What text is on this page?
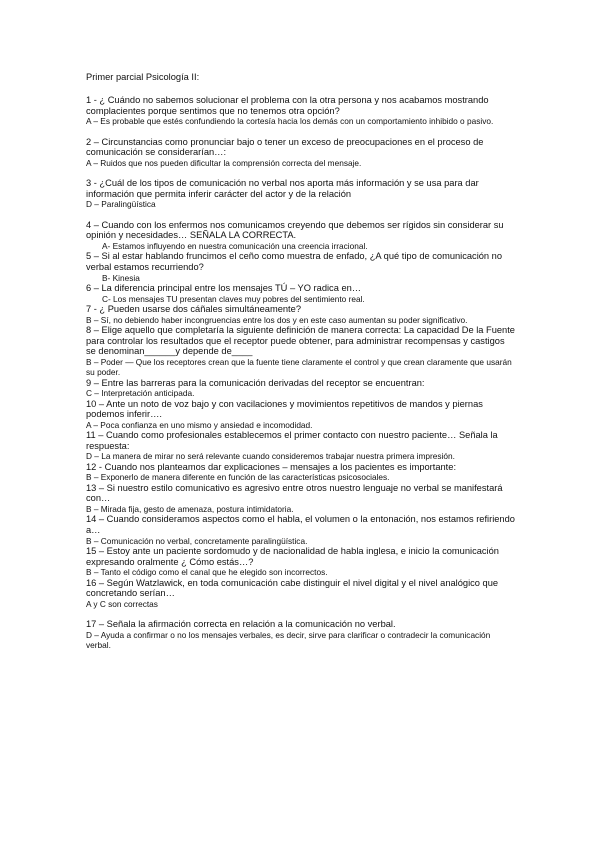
Primer parcial Psicología II:

1 - ¿ Cuándo no sabemos solucionar el problema con la otra persona y nos acabamos mostrando complacientes porque sentimos que no tenemos otra opción?

A – Es probable que estés confundiendo la cortesía hacia los demás con un comportamiento inhibido o pasivo.

2 – Circunstancias como pronunciar bajo o tener un exceso de preocupaciones en el proceso de comunicación se considerarían…:

A – Ruidos que nos pueden dificultar la comprensión correcta del mensaje.

3 - ¿Cuál de los tipos de comunicación no verbal nos aporta más información y se usa para dar información que permita inferir carácter del actor y de la relación

D – Paralingüística

4 – Cuando con los enfermos nos comunicamos creyendo que debemos ser rígidos sin considerar su opinión y necesidades… SEÑALA LA CORRECTA.

A- Estamos influyendo en nuestra comunicación una creencia irracional.

5 – Si al estar hablando fruncimos el ceño como muestra de enfado, ¿A qué tipo de comunicación no verbal estamos recurriendo?

B- Kinesia

6 – La diferencia principal entre los mensajes TÚ – YO radica en…

C- Los mensajes TU presentan claves muy pobres del sentimiento real.

7 - ¿ Pueden usarse dos cáñales simultáneamente?

B – Sí, no debiendo haber incongruencias entre los dos y en este caso aumentan su poder significativo.

8 – Elige aquello que completaría la siguiente definición de manera correcta: La capacidad De la Fuente para controlar los resultados que el receptor puede obtener, para administrar recompensas y castigos se denominan______y depende de____

B – Poder — Que los receptores crean que la fuente tiene claramente el control y que crean claramente que usarán su poder.

9 – Entre las barreras para la comunicación derivadas del receptor se encuentran:

C – Interpretación anticipada.

10 – Ante un noto de voz bajo y con vacilaciones y movimientos repetitivos de mandos y piernas podemos inferir….

A – Poca confianza en uno mismo y ansiedad e incomodidad.

11 – Cuando como profesionales establecemos el primer contacto con nuestro paciente… Señala la respuesta:

D – La manera de mirar no será relevante cuando consideremos trabajar nuestra primera impresión.

12 - Cuando nos planteamos dar explicaciones – mensajes a los pacientes es importante:

B – Exponerlo de manera diferente en función de las características psicosociales.

13 – Si nuestro estilo comunicativo es agresivo entre otros nuestro lenguaje no verbal se manifestará con…

B – Mirada fija, gesto de amenaza, postura intimidatoria.

14 – Cuando consideramos aspectos como el habla, el volumen o la entonación, nos estamos refiriendo a…

B – Comunicación no verbal, concretamente paralingüística.

15 – Estoy ante un paciente sordomudo y de nacionalidad de habla inglesa, e inicio la comunicación expresando oralmente ¿ Cómo estás…?

B – Tanto el código como el canal que he elegido son incorrectos.

16 – Según Watzlawick, en toda comunicación cabe distinguir el nivel digital y el nivel analógico que concretando serían…

A y C son correctas

17 – Señala la afirmación correcta en relación a la comunicación no verbal.

D – Ayuda a confirmar o no los mensajes verbales, es decir, sirve para clarificar o contradecir la comunicación verbal.
